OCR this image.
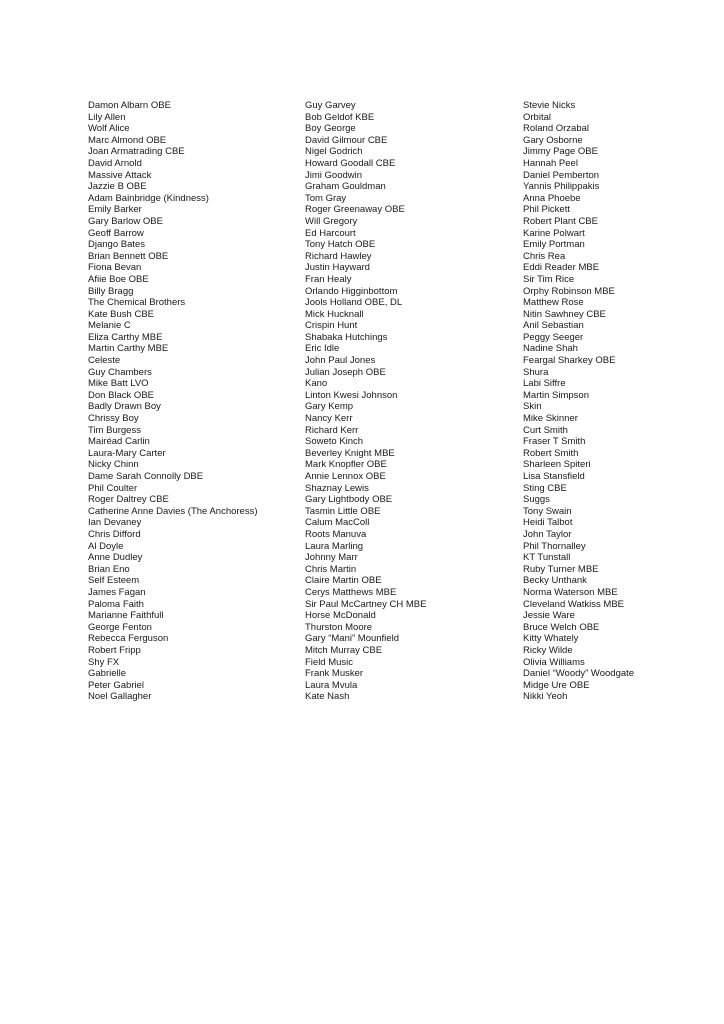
Damon Albarn OBE
Lily Allen
Wolf Alice
Marc Almond OBE
Joan Armatrading CBE
David Arnold
Massive Attack
Jazzie B OBE
Adam Bainbridge (Kindness)
Emily Barker
Gary Barlow OBE
Geoff Barrow
Django Bates
Brian Bennett OBE
Fiona Bevan
Afiie Boe OBE
Billy Bragg
The Chemical Brothers
Kate Bush CBE
Melanie C
Eliza Carthy MBE
Martin Carthy MBE
Celeste
Guy Chambers
Mike Batt LVO
Don Black OBE
Badly Drawn Boy
Chrissy Boy
Tim Burgess
Mairéad Carlin
Laura-Mary Carter
Nicky Chinn
Dame Sarah Connolly DBE
Phil Coulter
Roger Daltrey CBE
Catherine Anne Davies (The Anchoress)
Ian Devaney
Chris Difford
Al Doyle
Anne Dudley
Brian Eno
Self Esteem
James Fagan
Paloma Faith
Marianne Faithfull
George Fenton
Rebecca Ferguson
Robert Fripp
Shy FX
Gabrielle
Peter Gabriel
Noel Gallagher
Guy Garvey
Bob Geldof KBE
Boy George
David Gilmour CBE
Nigel Godrich
Howard Goodall CBE
Jimi Goodwin
Graham Gouldman
Tom Gray
Roger Greenaway OBE
Will Gregory
Ed Harcourt
Tony Hatch OBE
Richard Hawley
Justin Hayward
Fran Healy
Orlando Higginbottom
Jools Holland OBE, DL
Mick Hucknall
Crispin Hunt
Shabaka Hutchings
Eric Idle
John Paul Jones
Julian Joseph OBE
Kano
Linton Kwesi Johnson
Gary Kemp
Nancy Kerr
Richard Kerr
Soweto Kinch
Beverley Knight MBE
Mark Knopfler OBE
Annie Lennox OBE
Shaznay Lewis
Gary Lightbody OBE
Tasmin Little OBE
Calum MacColl
Roots Manuva
Laura Marling
Johnny Marr
Chris Martin
Claire Martin OBE
Cerys Matthews MBE
Sir Paul McCartney CH MBE
Horse McDonald
Thurston Moore
Gary “Mani” Mounfield
Mitch Murray CBE
Field Music
Frank Musker
Laura Mvula
Kate Nash
Stevie Nicks
Orbital
Roland Orzabal
Gary Osborne
Jimmy Page OBE
Hannah Peel
Daniel Pemberton
Yannis Philippakis
Anna Phoebe
Phil Pickett
Robert Plant CBE
Karine Polwart
Emily Portman
Chris Rea
Eddi Reader MBE
Sir Tim Rice
Orphy Robinson MBE
Matthew Rose
Nitin Sawhney CBE
Anil Sebastian
Peggy Seeger
Nadine Shah
Feargal Sharkey OBE
Shura
Labi Siffre
Martin Simpson
Skin
Mike Skinner
Curt Smith
Fraser T Smith
Robert Smith
Sharleen Spiteri
Lisa Stansfield
Sting CBE
Suggs
Tony Swain
Heidi Talbot
John Taylor
Phil Thornalley
KT Tunstall
Ruby Turner MBE
Becky Unthank
Norma Waterson MBE
Cleveland Watkiss MBE
Jessie Ware
Bruce Welch OBE
Kitty Whately
Ricky Wilde
Olivia Williams
Daniel “Woody” Woodgate
Midge Ure OBE
Nikki Yeoh
